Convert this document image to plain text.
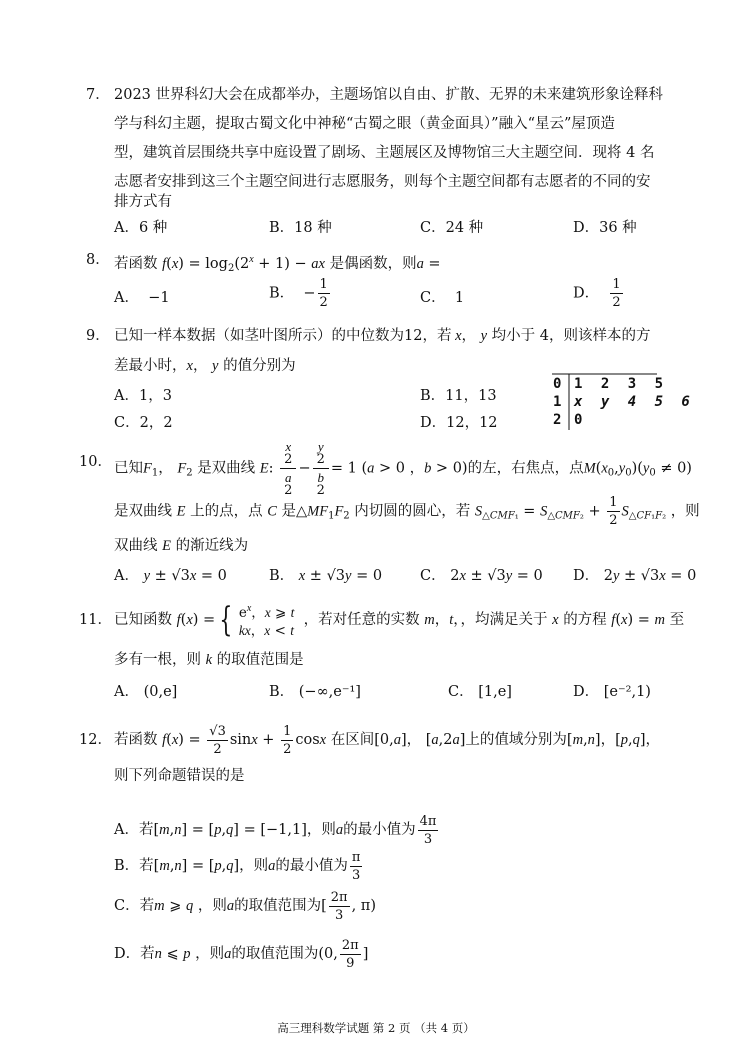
7． 2023 世界科幻大会在成都举办，主题场馆以自由、扩散、无界的未来建筑形象诠释科
学与科幻主题，提取古蜀文化中神秘“古蜀之眼（黄金面具）”融入“星云”屋顶造
型，建筑首层围绕共享中庭设置了剧场、主题展区及博物馆三大主题空间．现将 4 名
志愿者安排到这三个主题空间进行志愿服务，则每个主题空间都有志愿者的不同的安
排方式有
A．6 种	B．18 种	C．24 种	D．36 种
8． 若函数 $f(x) = \log_2(2^x + 1)$ − ax 是偶函数，则a =
A． −1	B．  − $\frac{1}{2}$	C． 1	D． $\frac{1}{2}$
9． 已知一样本数据（如茎叶图所示）的中位数为12，若 x， y 均小于 4，则该样本的方
差最小时，x， y 的值分别为
A．1，3	B．11，13
C．2，2	D．12，12
0 1 2 3 5
1 x y 4 5 6
2 0
10． 已知$F_1$， $F_2$ 是双曲线 E: x
2
a
2 − y
2
b
2 = 1 (a > 0 ，b > 0)的左，右焦点，点$M(x_0,y_0)(y_0 \ne 0)$
是双曲线 E 上的点，点 C 是$\triangle MF_1F_2$ 内切圆的圆心，若 $S_{\triangle CMF_1} = S_{\triangle CMF_2} + \frac{1}{2} S_{\triangle CF_1F_2}$ ，则
双曲线 E 的渐近线为
A． y ± √3x = 0	B． x ± √3y = 0	C． 2x ± √3y = 0 D． 2y ± √3x = 0
11． 已知函数 f(x) = { $e^x$，x ⩾ t
kx，x < t  ，若对任意的实数 m，t，，均满足关于 x 的方程 f(x) = m 至
多有一根，则 k 的取值范围是
A． (0,e]	B． (−∞,e⁻¹]	C． [1,e]	D． [e⁻²,1)
12． 若函数 $f(x) = \frac{√3}{2}$ $\sin x + \frac{1}{2}$ cosx 在区间[0,a]， [a,2a]上的值域分别为[m,n]，[p,q]，
则下列命题错误的是
A．若[m,n] = [p,q] = [−1,1]，则a的最小值为 $\frac{4\pi}{3}$
B．若[m,n] = [p,q]，则a的最小值为 $\frac{\pi}{3}$
C．若m ⩾ q ，则a的取值范围为[ $\frac{2\pi}{3}$ , π)
D．若n ⩽ p ，则a的取值范围为(0, $\frac{2\pi}{9}$ ]
高三理科数学试题 第 2 页 （共 4 页）
